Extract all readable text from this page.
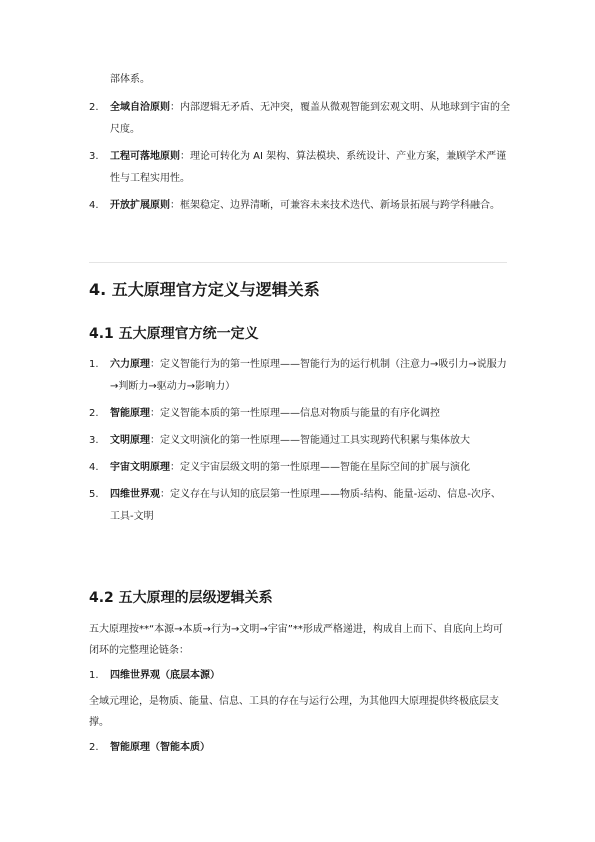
部体系。
2. 全域自洽原则：内部逻辑无矛盾、无冲突，覆盖从微观智能到宏观文明、从地球到宇宙的全尺度。
3. 工程可落地原则：理论可转化为 AI 架构、算法模块、系统设计、产业方案，兼顾学术严谨性与工程实用性。
4. 开放扩展原则：框架稳定、边界清晰，可兼容未来技术迭代、新场景拓展与跨学科融合。
4. 五大原理官方定义与逻辑关系
4.1 五大原理官方统一定义
1. 六力原理：定义智能行为的第一性原理——智能行为的运行机制（注意力→吸引力→说服力→判断力→驱动力→影响力）
2. 智能原理：定义智能本质的第一性原理——信息对物质与能量的有序化调控
3. 文明原理：定义文明演化的第一性原理——智能通过工具实现跨代积累与集体放大
4. 宇宙文明原理：定义宇宙层级文明的第一性原理——智能在星际空间的扩展与演化
5. 四维世界观：定义存在与认知的底层第一性原理——物质-结构、能量-运动、信息-次序、工具-文明
4.2 五大原理的层级逻辑关系
五大原理按**“本源→本质→行为→文明→宇宙”**形成严格递进，构成自上而下、自底向上均可闭环的完整理论链条：
1. 四维世界观（底层本源）
全域元理论，是物质、能量、信息、工具的存在与运行公理，为其他四大原理提供终极底层支撑。
2. 智能原理（智能本质）
